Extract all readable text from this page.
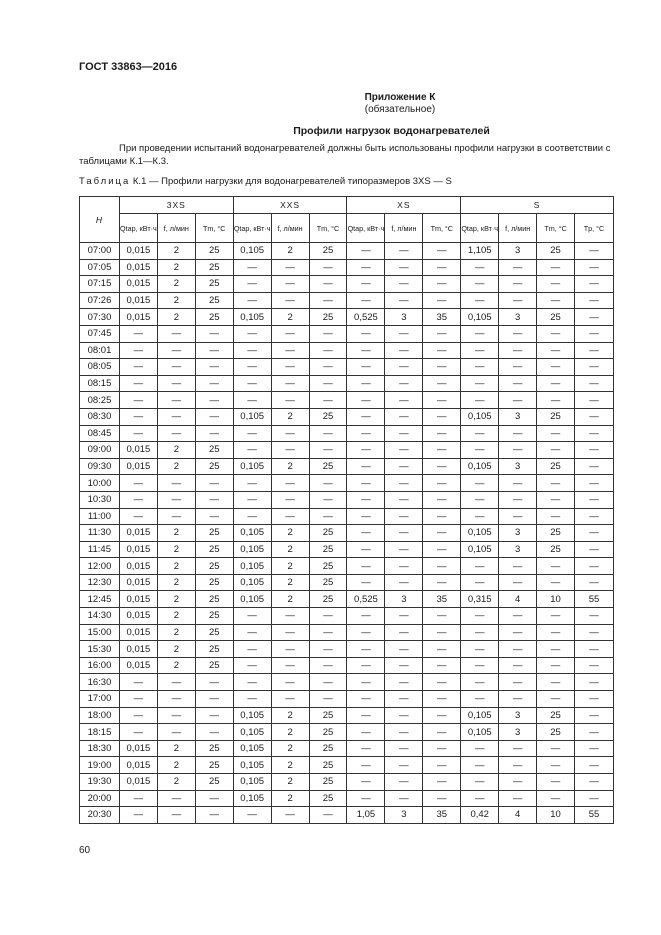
ГОСТ 33863—2016
Приложение К
(обязательное)
Профили нагрузок водонагревателей
При проведении испытаний водонагревателей должны быть использованы профили нагрузки в соответствии с таблицами К.1—К.3.
Таблица К.1 — Профили нагрузки для водонагревателей типоразмеров 3XS — S
H	3XS			XXS			XS			S			
	Qtap, кВт·ч	f, л/мин	Tm, °C	Qtap, кВт·ч	f, л/мин	Tm, °C	Qtap, кВт·ч	f, л/мин	Tm, °C	Qtap, кВт·ч	f, л/мин	Tm, °C	Tp, °C
07:00	0,015	2	25	0,105	2	25	—	—	—	1,105	3	25	—
07:05	0,015	2	25	—	—	—	—	—	—	—	—	—	—
07:15	0,015	2	25	—	—	—	—	—	—	—	—	—	—
07:26	0,015	2	25	—	—	—	—	—	—	—	—	—	—
07:30	0,015	2	25	0,105	2	25	0,525	3	35	0,105	3	25	—
07:45	—	—	—	—	—	—	—	—	—	—	—	—	—
08:01	—	—	—	—	—	—	—	—	—	—	—	—	—
08:05	—	—	—	—	—	—	—	—	—	—	—	—	—
08:15	—	—	—	—	—	—	—	—	—	—	—	—	—
08:25	—	—	—	—	—	—	—	—	—	—	—	—	—
08:30	—	—	—	0,105	2	25	—	—	—	0,105	3	25	—
08:45	—	—	—	—	—	—	—	—	—	—	—	—	—
09:00	0,015	2	25	—	—	—	—	—	—	—	—	—	—
09:30	0,015	2	25	0,105	2	25	—	—	—	0,105	3	25	—
10:00	—	—	—	—	—	—	—	—	—	—	—	—	—
10:30	—	—	—	—	—	—	—	—	—	—	—	—	—
11:00	—	—	—	—	—	—	—	—	—	—	—	—	—
11:30	0,015	2	25	0,105	2	25	—	—	—	0,105	3	25	—
11:45	0,015	2	25	0,105	2	25	—	—	—	0,105	3	25	—
12:00	0,015	2	25	0,105	2	25	—	—	—	—	—	—	—
12:30	0,015	2	25	0,105	2	25	—	—	—	—	—	—	—
12:45	0,015	2	25	0,105	2	25	0,525	3	35	0,315	4	10	55
14:30	0,015	2	25	—	—	—	—	—	—	—	—	—	—
15:00	0,015	2	25	—	—	—	—	—	—	—	—	—	—
15:30	0,015	2	25	—	—	—	—	—	—	—	—	—	—
16:00	0,015	2	25	—	—	—	—	—	—	—	—	—	—
16:30	—	—	—	—	—	—	—	—	—	—	—	—	—
17:00	—	—	—	—	—	—	—	—	—	—	—	—	—
18:00	—	—	—	0,105	2	25	—	—	—	0,105	3	25	—
18:15	—	—	—	0,105	2	25	—	—	—	0,105	3	25	—
18:30	0,015	2	25	0,105	2	25	—	—	—	—	—	—	—
19:00	0,015	2	25	0,105	2	25	—	—	—	—	—	—	—
19:30	0,015	2	25	0,105	2	25	—	—	—	—	—	—	—
20:00	—	—	—	0,105	2	25	—	—	—	—	—	—	—
20:30	—	—	—	—	—	—	1,05	3	35	0,42	4	10	55
60
